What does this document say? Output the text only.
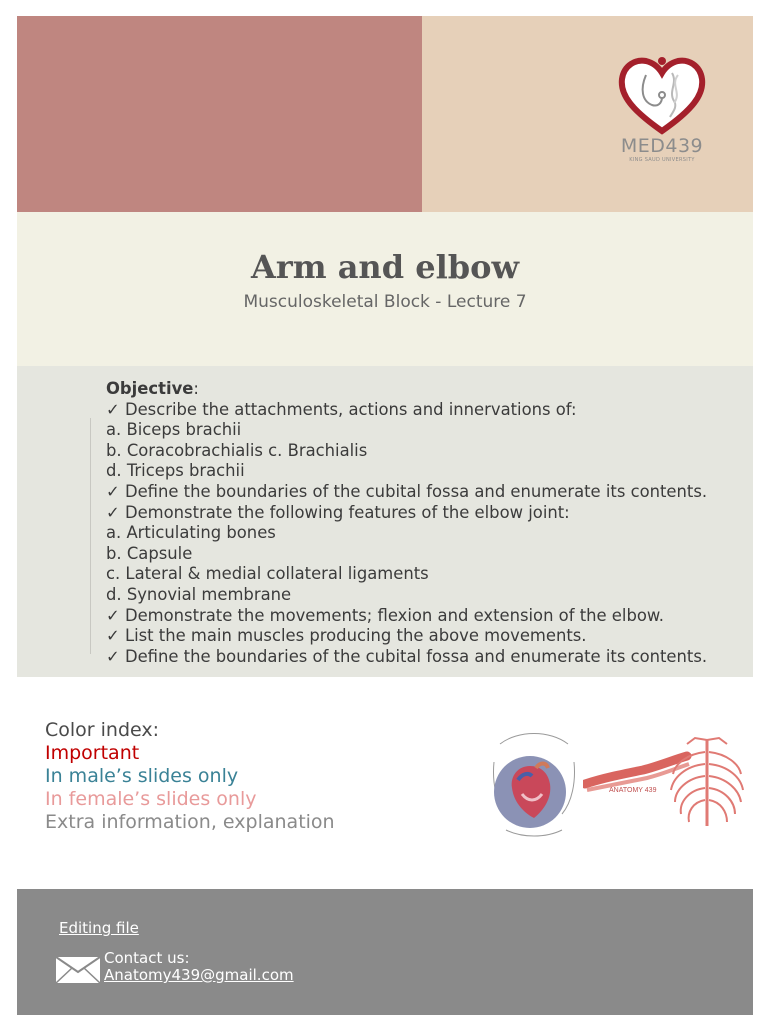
MED439
KING SAUD UNIVERSITY
Arm and elbow

Musculoskeletal Block - Lecture 7

Objective:
✓ Describe the attachments, actions and innervations of:
a. Biceps brachii
b. Coracobrachialis c. Brachialis
d. Triceps brachii
✓ Define the boundaries of the cubital fossa and enumerate its contents.
✓ Demonstrate the following features of the elbow joint:
a. Articulating bones
b. Capsule
c. Lateral & medial collateral ligaments
d. Synovial membrane
✓ Demonstrate the movements; flexion and extension of the elbow.
✓ List the main muscles producing the above movements.
✓ Define the boundaries of the cubital fossa and enumerate its contents.
Color index:
Important
In male’s slides only
In female’s slides only
Extra information, explanation
ANATOMY 439
Editing file
Contact us:
Anatomy439@gmail.com
